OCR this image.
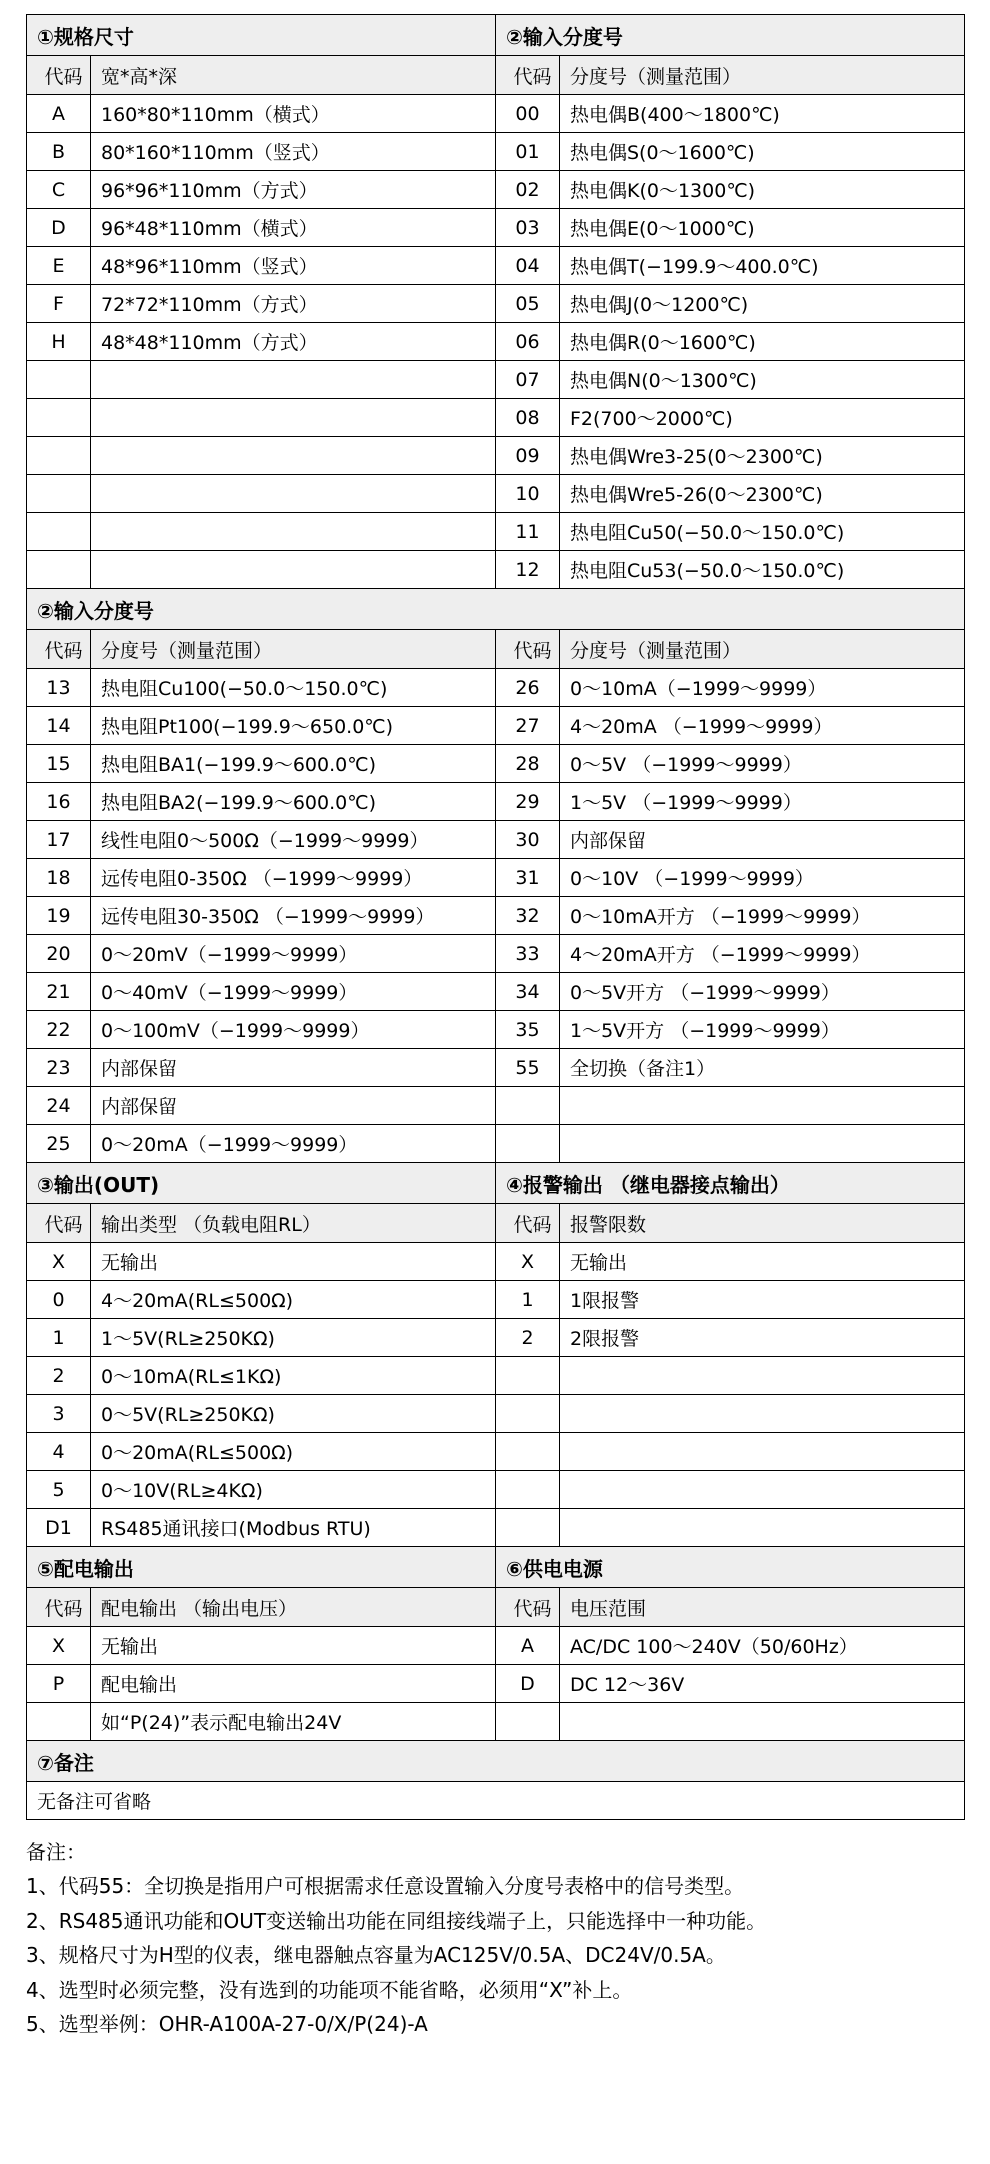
①规格尺寸		②输入分度号	
代码	宽*高*深	代码	分度号（测量范围）
A	160*80*110mm（横式）	00	热电偶B(400～1800℃)
B	80*160*110mm（竖式）	01	热电偶S(0～1600℃)
C	96*96*110mm（方式）	02	热电偶K(0～1300℃)
D	96*48*110mm（横式）	03	热电偶E(0～1000℃)
E	48*96*110mm（竖式）	04	热电偶T(−199.9～400.0℃)
F	72*72*110mm（方式）	05	热电偶J(0～1200℃)
H	48*48*110mm（方式）	06	热电偶R(0～1600℃)
		07	热电偶N(0～1300℃)
		08	F2(700～2000℃)
		09	热电偶Wre3-25(0～2300℃)
		10	热电偶Wre5-26(0～2300℃)
		11	热电阻Cu50(−50.0～150.0℃)
		12	热电阻Cu53(−50.0～150.0℃)
②输入分度号			
代码	分度号（测量范围）	代码	分度号（测量范围）
13	热电阻Cu100(−50.0～150.0℃)	26	0～10mA（−1999～9999）
14	热电阻Pt100(−199.9～650.0℃)	27	4～20mA （−1999～9999）
15	热电阻BA1(−199.9～600.0℃)	28	0～5V （−1999～9999）
16	热电阻BA2(−199.9～600.0℃)	29	1～5V （−1999～9999）
17	线性电阻0～500Ω（−1999～9999）	30	内部保留
18	远传电阻0-350Ω （−1999～9999）	31	0～10V （−1999～9999）
19	远传电阻30-350Ω （−1999～9999）	32	0～10mA开方 （−1999～9999）
20	0～20mV（−1999～9999）	33	4～20mA开方 （−1999～9999）
21	0～40mV（−1999～9999）	34	0～5V开方 （−1999～9999）
22	0～100mV（−1999～9999）	35	1～5V开方 （−1999～9999）
23	内部保留	55	全切换（备注1）
24	内部保留		
25	0～20mA（−1999～9999）		
③输出(OUT)		④报警输出 （继电器接点输出）	
代码	输出类型 （负载电阻RL）	代码	报警限数
X	无输出	X	无输出
0	4～20mA(RL≤500Ω)	1	1限报警
1	1～5V(RL≥250KΩ)	2	2限报警
2	0～10mA(RL≤1KΩ)		
3	0～5V(RL≥250KΩ)		
4	0～20mA(RL≤500Ω)		
5	0～10V(RL≥4KΩ)		
D1	RS485通讯接口(Modbus RTU)		
⑤配电输出		⑥供电电源	
代码	配电输出 （输出电压）	代码	电压范围
X	无输出	A	AC/DC 100～240V（50/60Hz）
P	配电输出	D	DC 12～36V
	如“P(24)”表示配电输出24V		
⑦备注			
无备注可省略			
备注：
1、代码55：全切换是指用户可根据需求任意设置输入分度号表格中的信号类型。
2、RS485通讯功能和OUT变送输出功能在同组接线端子上，只能选择中一种功能。
3、规格尺寸为H型的仪表，继电器触点容量为AC125V/0.5A、DC24V/0.5A。
4、选型时必须完整，没有选到的功能项不能省略，必须用“X”补上。
5、选型举例：OHR-A100A-27-0/X/P(24)-A
